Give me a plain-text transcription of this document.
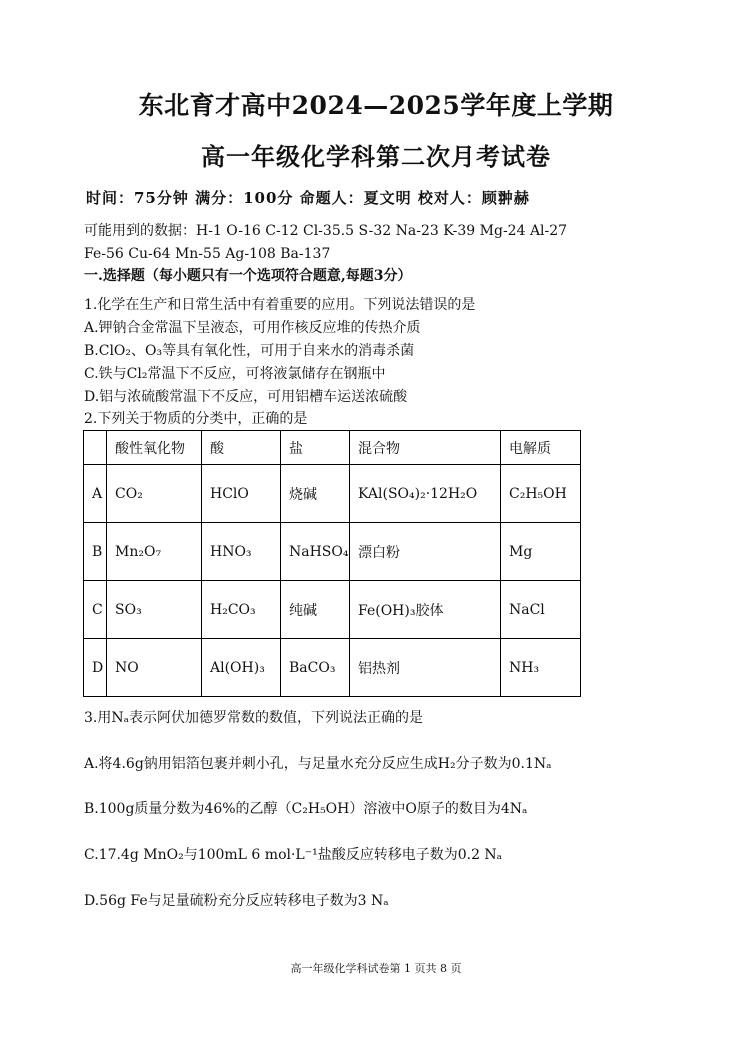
东北育才高中2024—2025学年度上学期
高一年级化学科第二次月考试卷
时间：75分钟 满分：100分 命题人：夏文明 校对人：顾翀赫
可能用到的数据：H-1 O-16 C-12 Cl-35.5 S-32 Na-23 K-39 Mg-24 Al-27
Fe-56 Cu-64 Mn-55 Ag-108 Ba-137
一.选择题（每小题只有一个选项符合题意,每题3分）
1.化学在生产和日常生活中有着重要的应用。下列说法错误的是
A.钾钠合金常温下呈液态，可用作核反应堆的传热介质
B.ClO₂、O₃等具有氧化性，可用于自来水的消毒杀菌
C.铁与Cl₂常温下不反应，可将液氯储存在钢瓶中
D.铝与浓硫酸常温下不反应，可用铝槽车运送浓硫酸
2.下列关于物质的分类中，正确的是
	酸性氧化物	酸	盐	混合物	电解质
A	CO₂	HClO	烧碱	KAl(SO₄)₂·12H₂O	C₂H₅OH
B	Mn₂O₇	HNO₃	NaHSO₄	漂白粉	Mg
C	SO₃	H₂CO₃	纯碱	Fe(OH)₃胶体	NaCl
D	NO	Al(OH)₃	BaCO₃	铝热剂	NH₃
3.用Nₐ表示阿伏加德罗常数的数值，下列说法正确的是
A.将4.6g钠用铝箔包裹并刺小孔，与足量水充分反应生成H₂分子数为0.1Nₐ
B.100g质量分数为46%的乙醇（C₂H₅OH）溶液中O原子的数目为4Nₐ
C.17.4g MnO₂与100mL 6 mol·L⁻¹盐酸反应转移电子数为0.2 Nₐ
D.56g Fe与足量硫粉充分反应转移电子数为3 Nₐ
高一年级化学科试卷第 1 页共 8 页
